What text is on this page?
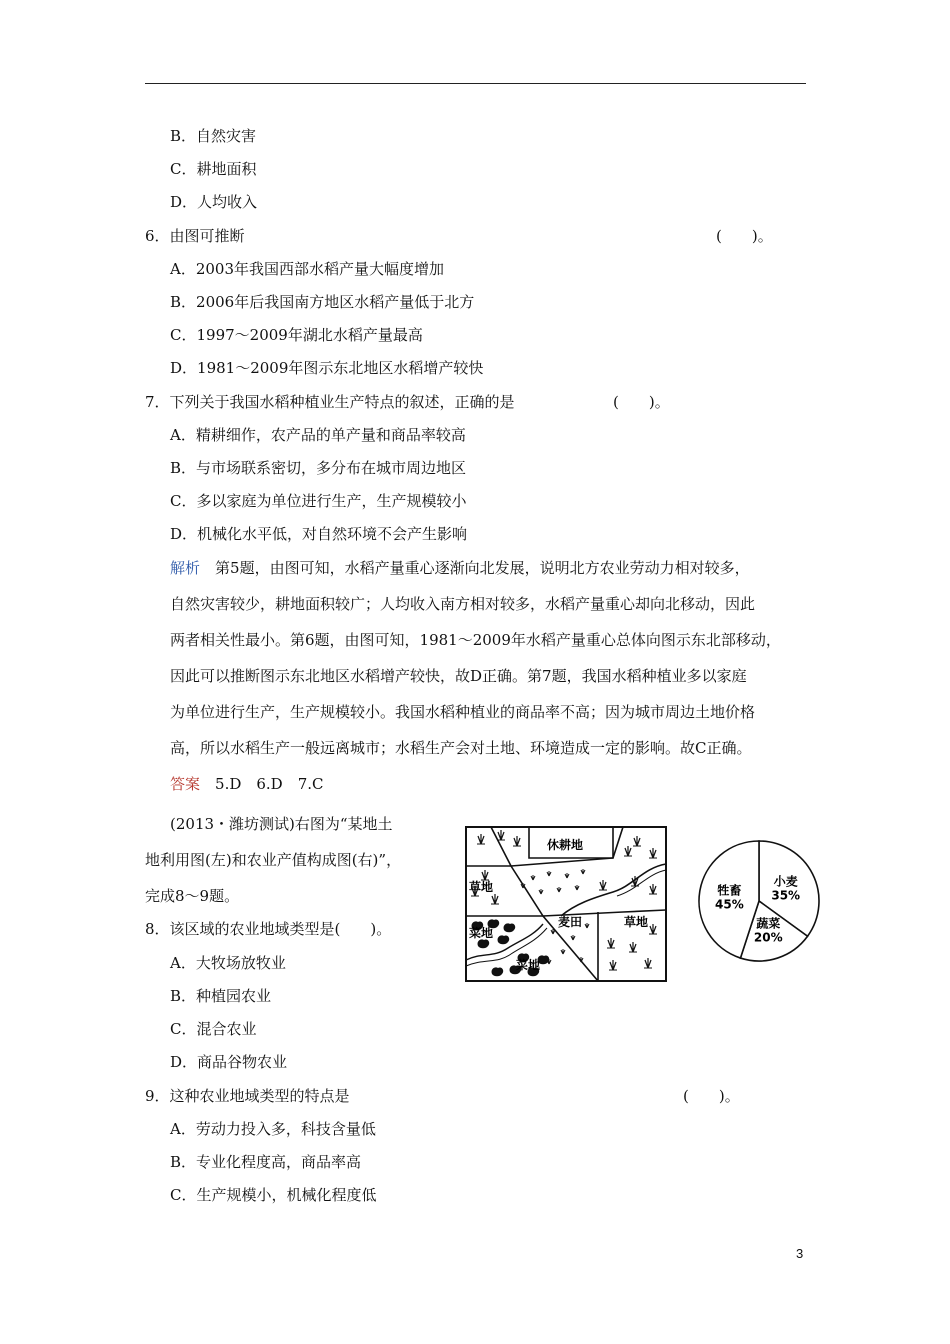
B．自然灾害
C．耕地面积
D．人均收入
6．由图可推断	(　　)。
A．2003年我国西部水稻产量大幅度增加
B．2006年后我国南方地区水稻产量低于北方
C．1997～2009年湖北水稻产量最高
D．1981～2009年图示东北地区水稻增产较快
7．下列关于我国水稻种植业生产特点的叙述，正确的是	(　　)。
A．精耕细作，农产品的单产量和商品率较高
B．与市场联系密切，多分布在城市周边地区
C．多以家庭为单位进行生产，生产规模较小
D．机械化水平低，对自然环境不会产生影响
解析　 第5题，由图可知，水稻产量重心逐渐向北发展，说明北方农业劳动力相对较多，
自然灾害较少，耕地面积较广；人均收入南方相对较多，水稻产量重心却向北移动，因此
两者相关性最小。第6题，由图可知，1981～2009年水稻产量重心总体向图示东北部移动，
因此可以推断图示东北地区水稻增产较快，故D正确。第7题，我国水稻种植业多以家庭
为单位进行生产，生产规模较小。我国水稻种植业的商品率不高；因为城市周边土地价格
高，所以水稻生产一般远离城市；水稻生产会对土地、环境造成一定的影响。故C正确。
答案　 5.D　6.D　7.C
(2013・潍坊测试)右图为“某地土
地利用图(左)和农业产值构成图(右)”，
完成8～9题。
8．该区域的农业地域类型是(　　)。
A．大牧场放牧业
B．种植园农业
C．混合农业
D．商品谷物农业
9．这种农业地域类型的特点是	(　　)。
A．劳动力投入多，科技含量低
B．专业化程度高，商品率高
C．生产规模小，机械化程度低
休耕地
草地
菜地
麦田	草地
菜地
小麦
35%
蔬菜
20%
牲畜
45%
3
